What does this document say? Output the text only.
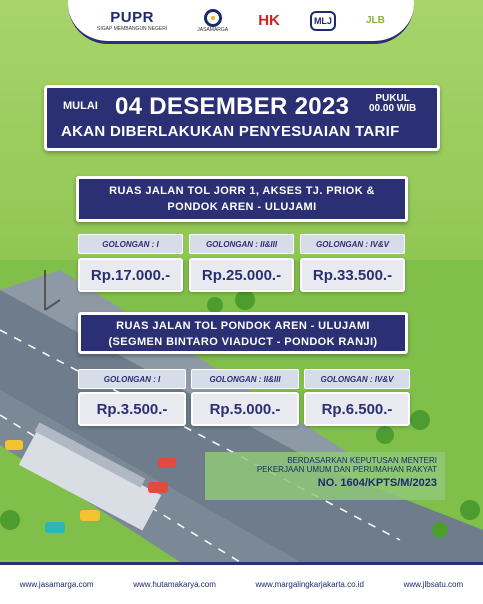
PUPR
SIGAP MEMBANGUN NEGERI	JASAMARGA
HK	MLJ	JLB
MULAI 04 DESEMBER 2023	PUKUL
00.00 WIB
AKAN DIBERLAKUKAN PENYESUAIAN TARIF
RUAS JALAN TOL JORR 1, AKSES TJ. PRIOK &
PONDOK AREN - ULUJAMI
GOLONGAN : I	GOLONGAN : II&III	GOLONGAN : IV&V
Rp.17.000.-	Rp.25.000.-	Rp.33.500.-
RUAS JALAN TOL PONDOK AREN - ULUJAMI
(SEGMEN BINTARO VIADUCT - PONDOK RANJI)
GOLONGAN : I	GOLONGAN : II&III	GOLONGAN : IV&V
Rp.3.500.-	Rp.5.000.-	Rp.6.500.-
BERDASARKAN KEPUTUSAN MENTERI
PEKERJAAN UMUM DAN PERUMAHAN RAKYAT
NO. 1604/KPTS/M/2023
www.jasamarga.com	www.hutamakarya.com	www.margalingkarjakarta.co.id	www.jlbsatu.com
